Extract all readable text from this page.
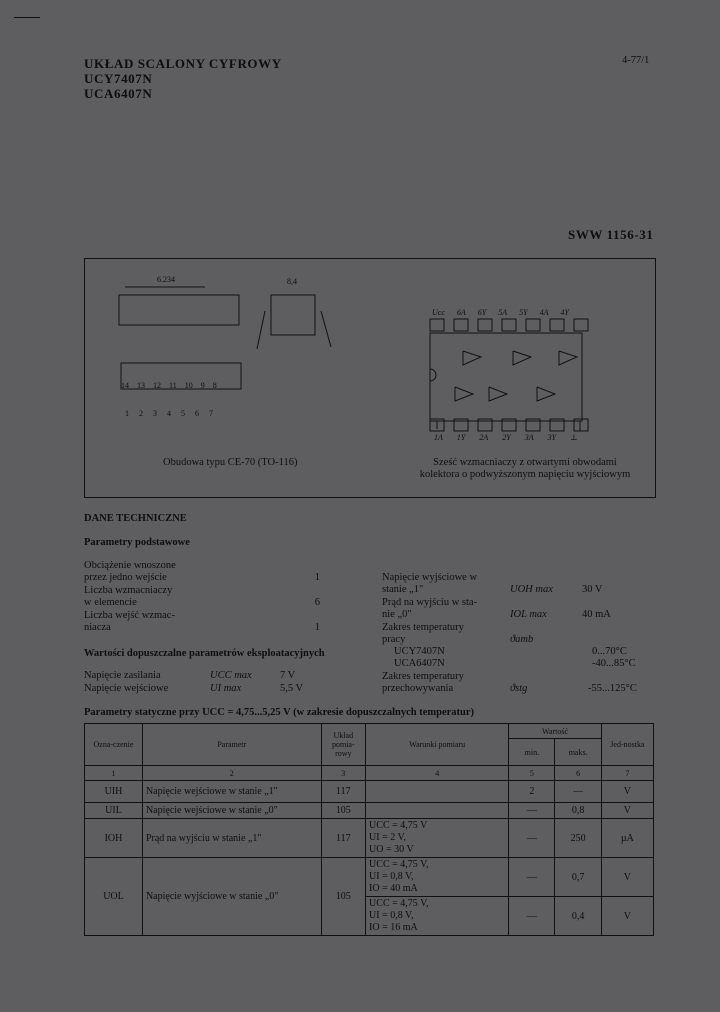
UKŁAD SCALONY CYFROWY
UCY7407N
UCA6407N
4-77/1
SWW 1156-31
6.234	8,4
14 13 12 11 10 9 8
1 2 3 4 5 6 7
Ucc 6A 6Y 5A 5Y 4A 4Y
1A 1Y 2A 2Y 3A 3Y ⊥
Obudowa typu CE-70 (TO-116)	Sześć wzmacniaczy z otwartymi obwodami
kolektora o podwyższonym napięciu wyjściowym
DANE TECHNICZNE
Parametry podstawowe
Obciążenie wnoszone
przez jedno wejście	1
Liczba wzmacniaczy
w elemencie	6
Liczba wejść wzmac-
niacza	1
Napięcie wyjściowe w
stanie „1"	UOH max	30 V
Prąd na wyjściu w sta-
nie „0"	IOL max	40 mA
Zakres temperatury
pracy	ϑamb
UCY7407N	0...70°C
UCA6407N	-40...85°C
Zakres temperatury
przechowywania	ϑstg	-55...125°C
Wartości dopuszczalne parametrów eksploatacyjnych
Napięcie zasilania	UCC max	7 V
Napięcie wejściowe	UI max	5,5 V
Parametry statyczne przy UCC = 4,75...5,25 V (w zakresie dopuszczalnych temperatur)
Ozna-czenie	Parametr	Układ pomia-rowy	Warunki pomiaru	Wartość		Jed-nostka
				min.	maks.	
1	2	3	4	5	6	7
UIH	Napięcie wejściowe w stanie „1"	117		2	—	V
UIL	Napięcie wejściowe w stanie „0"	105		—	0,8	V
IOH	Prąd na wyjściu w stanie „1"	117	UCC = 4,75 V
UI = 2 V,
UO = 30 V	—	250	µA
UOL	Napięcie wyjściowe w stanie „0"	105	UCC = 4,75 V,
UI = 0,8 V,
IO = 40 mA	—	0,7	V

			UCC = 4,75 V,
UI = 0,8 V,
IO = 16 mA	—	0,4	V
